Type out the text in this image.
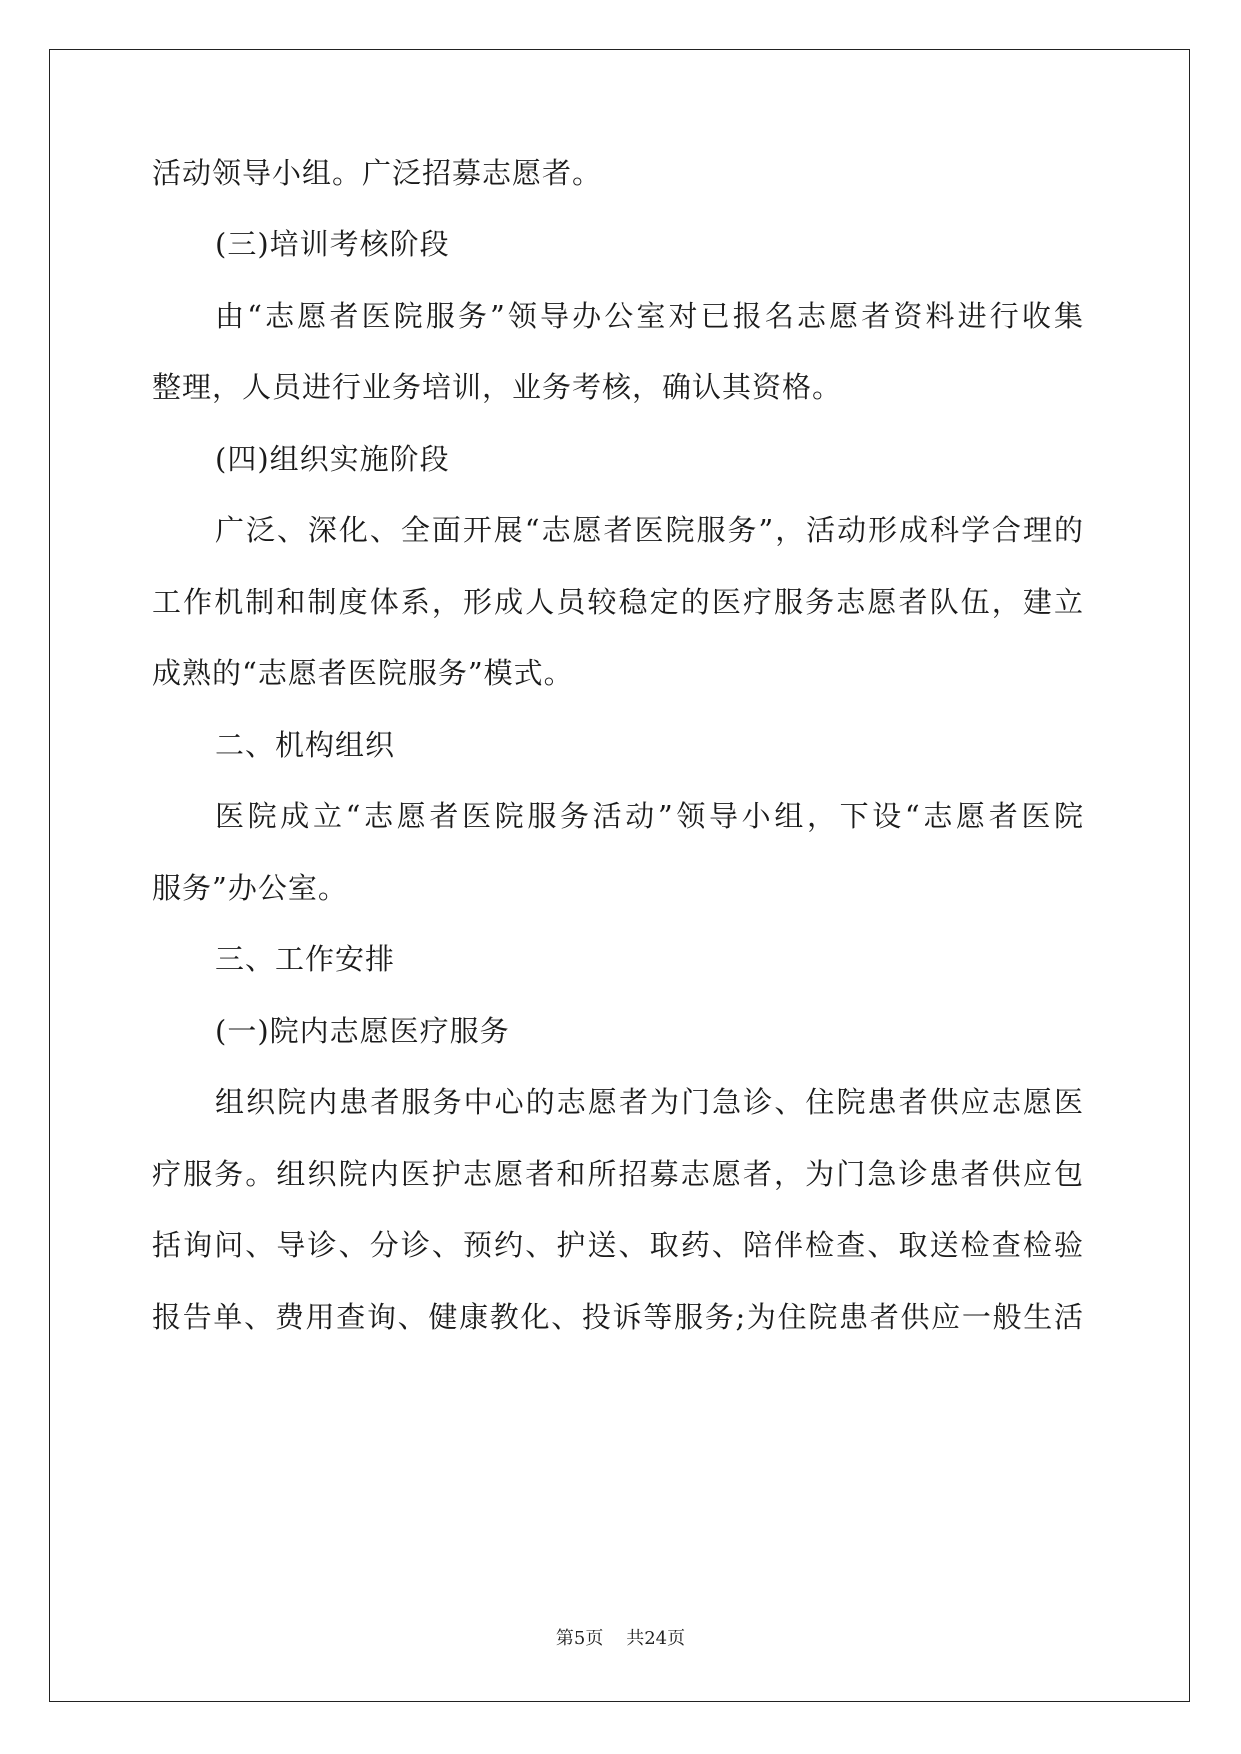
活动领导小组。广泛招募志愿者。
(三)培训考核阶段
由“志愿者医院服务”领导办公室对已报名志愿者资料进行收集
整理，人员进行业务培训，业务考核，确认其资格。
(四)组织实施阶段
广泛、深化、全面开展“志愿者医院服务”，活动形成科学合理的
工作机制和制度体系，形成人员较稳定的医疗服务志愿者队伍，建立
成熟的“志愿者医院服务”模式。
二、机构组织
医院成立“志愿者医院服务活动”领导小组，下设“志愿者医院
服务”办公室。
三、工作安排
(一)院内志愿医疗服务
组织院内患者服务中心的志愿者为门急诊、住院患者供应志愿医
疗服务。组织院内医护志愿者和所招募志愿者，为门急诊患者供应包
括询问、导诊、分诊、预约、护送、取药、陪伴检查、取送检查检验
报告单、费用查询、健康教化、投诉等服务;为住院患者供应一般生活
第5页 共24页
